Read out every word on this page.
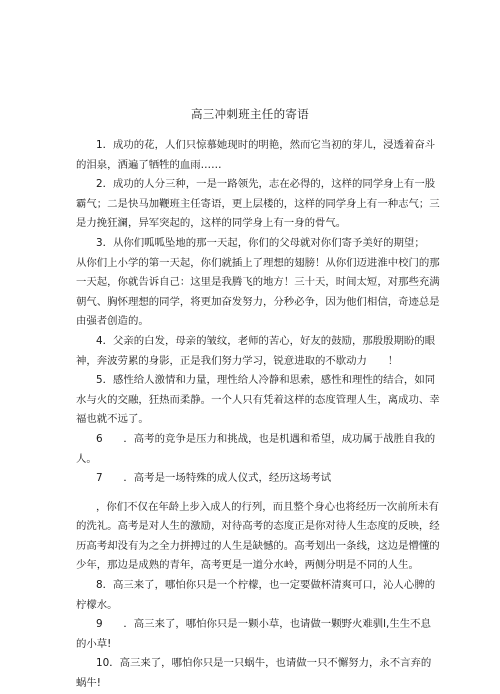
高三冲刺班主任的寄语

1．成功的花，人们只惊慕她现时的明艳，然而它当初的芽儿，浸透着奋斗的泪泉，洒遍了牺牲的血雨……

2．成功的人分三种，一是一路领先，志在必得的，这样的同学身上有一股霸气；二是快马加鞭班主任寄语，更上层楼的，这样的同学身上有一种志气；三是力挽狂澜，异军突起的，这样的同学身上有一身的骨气。

3．从你们呱呱坠地的那一天起，你们的父母就对你们寄予美好的期望；　　从你们上小学的第一天起，你们就插上了理想的翅膀！从你们迈进淮中校门的那一天起，你就告诉自己：这里是我腾飞的地方！三十天，时间太短，对那些充满朝气、胸怀理想的同学，将更加奋发努力，分秒必争，因为他们相信，奇迹总是由强者创造的。

4．父亲的白发，母亲的皱纹，老师的苦心，好友的鼓励，那殷殷期盼的眼神，奔波劳累的身影，正是我们努力学习，锐意进取的不歇动力　　！

5．感性给人激情和力量，理性给人冷静和思索，感性和理性的结合，如同水与火的交融，狂热而柔静。一个人只有凭着这样的态度管理人生，离成功、幸福也就不远了。

6　　．高考的竞争是压力和挑战，也是机遇和希望，成功属于战胜自我的人。

7　　．高考是一场特殊的成人仪式，经历这场考试

，你们不仅在年龄上步入成人的行列，而且整个身心也将经历一次前所未有的洗礼。高考是对人生的激励，对待高考的态度正是你对待人生态度的反映，经历高考却没有为之全力拼搏过的人生是缺憾的。高考划出一条线，这边是懵懂的少年，那边是成熟的青年，高考更是一道分水岭，两侧分明是不同的人生。

8．高三来了，哪怕你只是一个柠檬，也一定要做杯清爽可口，沁人心脾的柠檬水。

9　　．高三来了，哪怕你只是一颗小草，也请做一颗野火难驯l,生生不息的小草!

10．高三来了，哪怕你只是一只蜗牛，也请做一只不懈努力，永不言弃的蜗牛!
